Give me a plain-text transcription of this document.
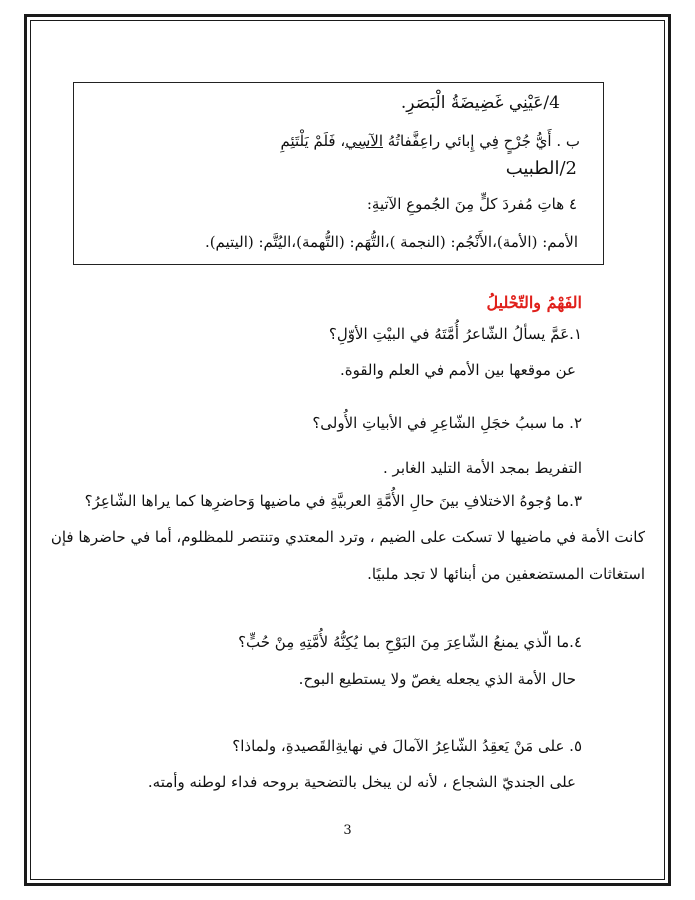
4/عَيْنِي غَضِيضَةُ الْبَصَرِ.
ب . أَيُّ جُرْحٍ فِي إِبائي راعِفَّفاتُهُ الآسِي، فَلَمْ يَلْتَئِمِ
2/الطبيب
٤ هاتِ مُفردَ كلٍّ مِنَ الجُموعِ الآتيةِ:
الأمم: (الأمة)،الأَنْجُم: (النجمة )،التُّهَم: (التُّهمة)،اليُتَّم: (اليتيم).
الفَهْمُ والتّحْليلُ
١.عَمَّ يسألُ الشّاعرُ أُمَّتَهُ في البيْتِ الأوّلِ؟
عن موقعها بين الأمم في العلم والقوة.
٢. ما سببُ خجَلِ الشّاعِرِ في الأبياتِ الأُولى؟
التفريط بمجد الأمة التليد الغابر .
٣.ما وُجوهُ الاختلافِ بينَ حالِ الأُمَّةِ العربيَّةِ في ماضيها وَحاضرِها كما يراها الشّاعِرُ؟
كانت الأمة في ماضيها لا تسكت على الضيم ، وترد المعتدي وتنتصر للمظلوم، أما في حاضرها فإن
استغاثات المستضعفين من أبنائها لا تجد ملبيًا.
٤.ما الّذي يمنعُ الشّاعِرَ مِنَ البَوْحِ بما يُكِنُّهُ لأُمَّتِهِ مِنْ حُبٍّ؟
حال الأمة الذي يجعله يغصّ ولا يستطيع البوح.
٥. على مَنْ يَعقِدُ الشّاعِرُ الآمالَ في نهايةِالقَصيدةِ، ولماذا؟
على الجنديّ الشجاع ، لأنه لن يبخل بالتضحية بروحه فداء لوطنه وأمته.
3
